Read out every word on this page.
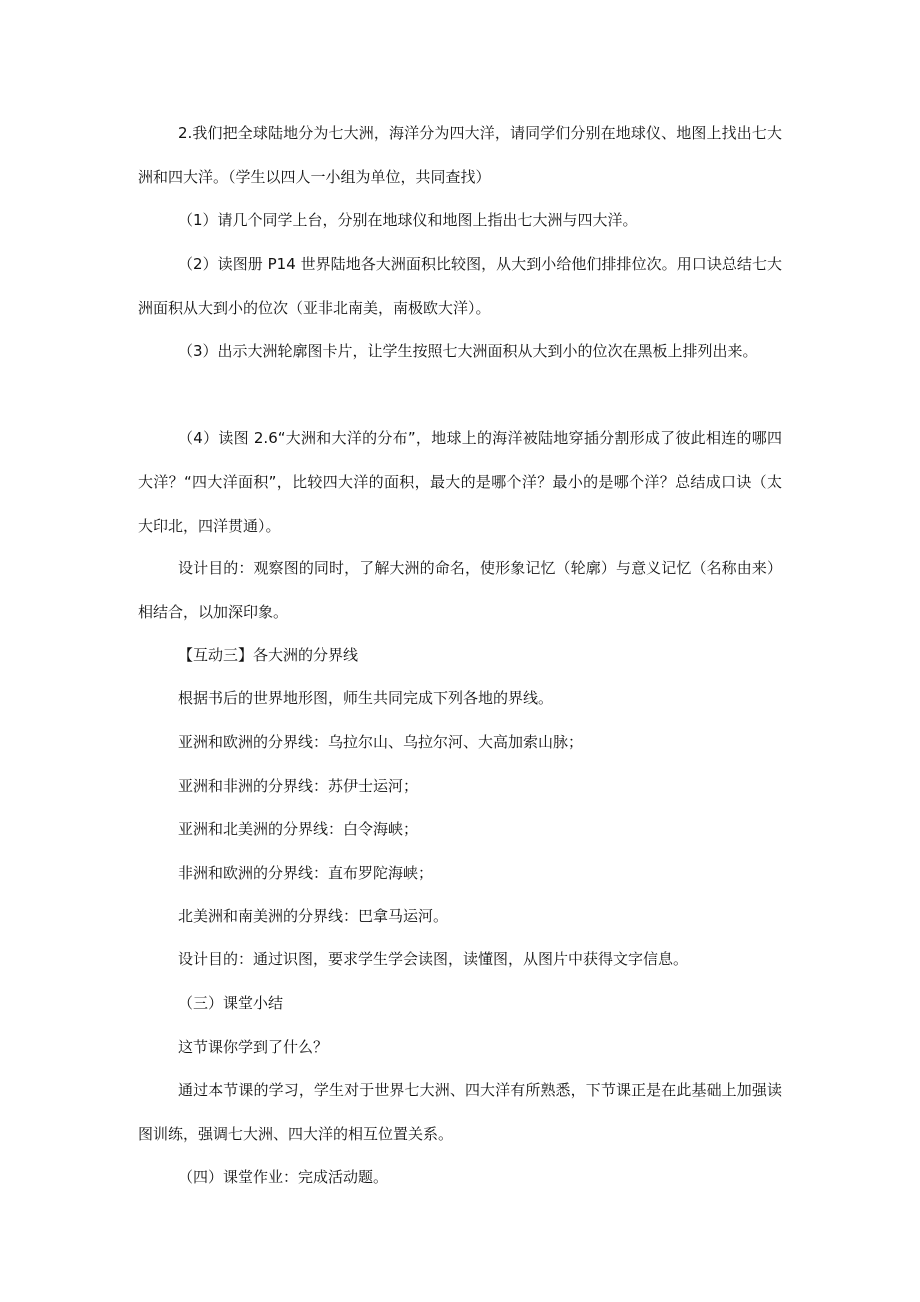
2.我们把全球陆地分为七大洲，海洋分为四大洋，请同学们分别在地球仪、地图上找出七大洲和四大洋。（学生以四人一小组为单位，共同查找）

（1）请几个同学上台，分别在地球仪和地图上指出七大洲与四大洋。

（2）读图册 P14 世界陆地各大洲面积比较图，从大到小给他们排排位次。用口诀总结七大洲面积从大到小的位次（亚非北南美，南极欧大洋）。

（3）出示大洲轮廓图卡片，让学生按照七大洲面积从大到小的位次在黑板上排列出来。

（4）读图 2.6“大洲和大洋的分布”，地球上的海洋被陆地穿插分割形成了彼此相连的哪四大洋？“四大洋面积”，比较四大洋的面积，最大的是哪个洋？最小的是哪个洋？总结成口诀（太大印北，四洋贯通）。

设计目的：观察图的同时，了解大洲的命名，使形象记忆（轮廓）与意义记忆（名称由来）相结合，以加深印象。

【互动三】各大洲的分界线

根据书后的世界地形图，师生共同完成下列各地的界线。

亚洲和欧洲的分界线：乌拉尔山、乌拉尔河、大高加索山脉；

亚洲和非洲的分界线：苏伊士运河；

亚洲和北美洲的分界线：白令海峡；

非洲和欧洲的分界线：直布罗陀海峡；

北美洲和南美洲的分界线：巴拿马运河。

设计目的：通过识图，要求学生学会读图，读懂图，从图片中获得文字信息。

（三）课堂小结

这节课你学到了什么？

通过本节课的学习，学生对于世界七大洲、四大洋有所熟悉，下节课正是在此基础上加强读图训练，强调七大洲、四大洋的相互位置关系。

（四）课堂作业：完成活动题。
